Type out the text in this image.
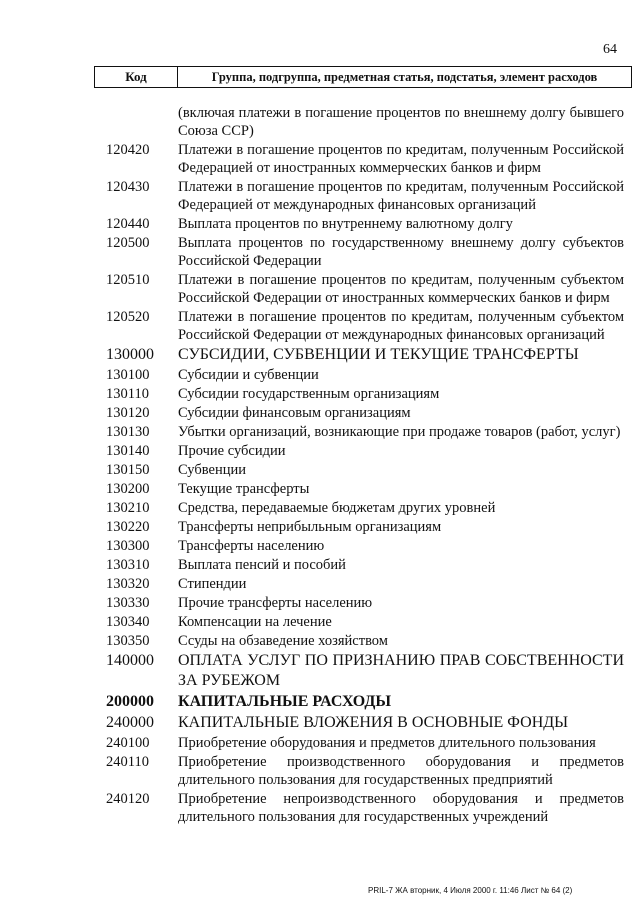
64
Код	Группа, подгруппа, предметная статья, подстатья, элемент расходов
(включая платежи в погашение процентов по внешнему долгу бывшего Союза ССР)
120420	Платежи в погашение процентов по кредитам, полученным Российской Федерацией от иностранных коммерческих банков и фирм
120430	Платежи в погашение процентов по кредитам, полученным Российской Федерацией от международных финансовых организаций
120440	Выплата процентов по внутреннему валютному долгу
120500	Выплата процентов по государственному внешнему долгу субъектов Российской Федерации
120510	Платежи в погашение процентов по кредитам, полученным субъектом Российской Федерации от иностранных коммерческих банков и фирм
120520	Платежи в погашение процентов по кредитам, полученным субъектом Российской Федерации от международных финансовых организаций
130000	СУБСИДИИ, СУБВЕНЦИИ И ТЕКУЩИЕ ТРАНСФЕРТЫ
130100	Субсидии и субвенции
130110	Субсидии государственным организациям
130120	Субсидии финансовым организациям
130130	Убытки организаций, возникающие при продаже товаров (работ, услуг)
130140	Прочие субсидии
130150	Субвенции
130200	Текущие трансферты
130210	Средства, передаваемые бюджетам других уровней
130220	Трансферты неприбыльным организациям
130300	Трансферты населению
130310	Выплата пенсий и пособий
130320	Стипендии
130330	Прочие трансферты населению
130340	Компенсации на лечение
130350	Ссуды на обзаведение хозяйством
140000	ОПЛАТА УСЛУГ ПО ПРИЗНАНИЮ ПРАВ СОБСТВЕННОСТИ ЗА РУБЕЖОМ
200000	КАПИТАЛЬНЫЕ РАСХОДЫ
240000	КАПИТАЛЬНЫЕ ВЛОЖЕНИЯ В ОСНОВНЫЕ ФОНДЫ
240100	Приобретение оборудования и предметов длительного пользования
240110	Приобретение производственного оборудования и предметов длительного пользования для государственных предприятий
240120	Приобретение непроизводственного оборудования и предметов длительного пользования для государственных учреждений
PRIL-7 ЖА вторник, 4 Июля 2000 г. 11:46 Лист № 64 (2)
